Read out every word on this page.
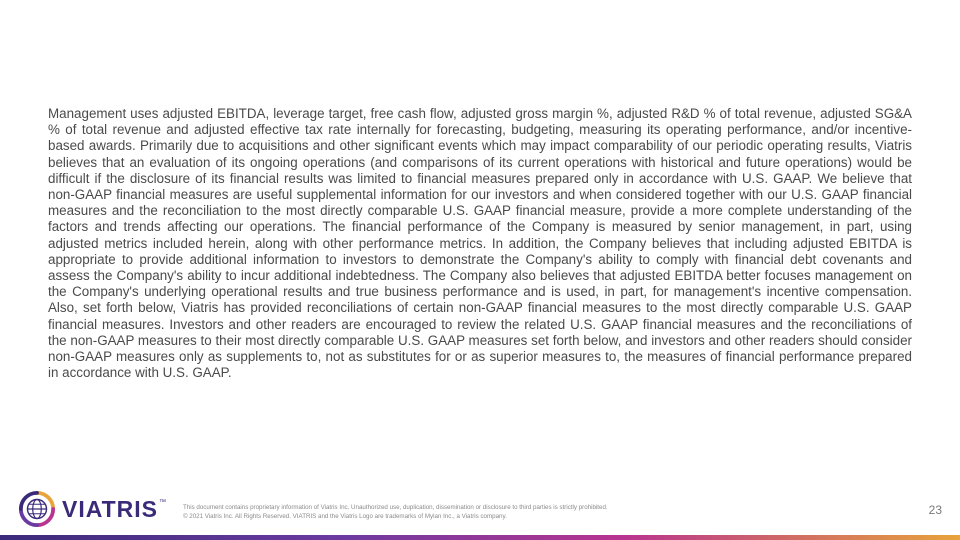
Management uses adjusted EBITDA, leverage target, free cash flow, adjusted gross margin %, adjusted R&D % of total revenue, adjusted SG&A % of total revenue and adjusted effective tax rate internally for forecasting, budgeting, measuring its operating performance, and/or incentive-based awards. Primarily due to acquisitions and other significant events which may impact comparability of our periodic operating results, Viatris believes that an evaluation of its ongoing operations (and comparisons of its current operations with historical and future operations) would be difficult if the disclosure of its financial results was limited to financial measures prepared only in accordance with U.S. GAAP. We believe that non-GAAP financial measures are useful supplemental information for our investors and when considered together with our U.S. GAAP financial measures and the reconciliation to the most directly comparable U.S. GAAP financial measure, provide a more complete understanding of the factors and trends affecting our operations. The financial performance of the Company is measured by senior management, in part, using adjusted metrics included herein, along with other performance metrics. In addition, the Company believes that including adjusted EBITDA is appropriate to provide additional information to investors to demonstrate the Company's ability to comply with financial debt covenants and assess the Company's ability to incur additional indebtedness. The Company also believes that adjusted EBITDA better focuses management on the Company's underlying operational results and true business performance and is used, in part, for management's incentive compensation. Also, set forth below, Viatris has provided reconciliations of certain non-GAAP financial measures to the most directly comparable U.S. GAAP financial measures. Investors and other readers are encouraged to review the related U.S. GAAP financial measures and the reconciliations of the non-GAAP measures to their most directly comparable U.S. GAAP measures set forth below, and investors and other readers should consider non-GAAP measures only as supplements to, not as substitutes for or as superior measures to, the measures of financial performance prepared in accordance with U.S. GAAP.

VIATRIS ™
This document contains proprietary information of Viatris Inc. Unauthorized use, duplication, dissemination or disclosure to third parties is strictly prohibited.
© 2021 Viatris Inc. All Rights Reserved. VIATRIS and the Viatris Logo are trademarks of Mylan Inc., a Viatris company.	23
